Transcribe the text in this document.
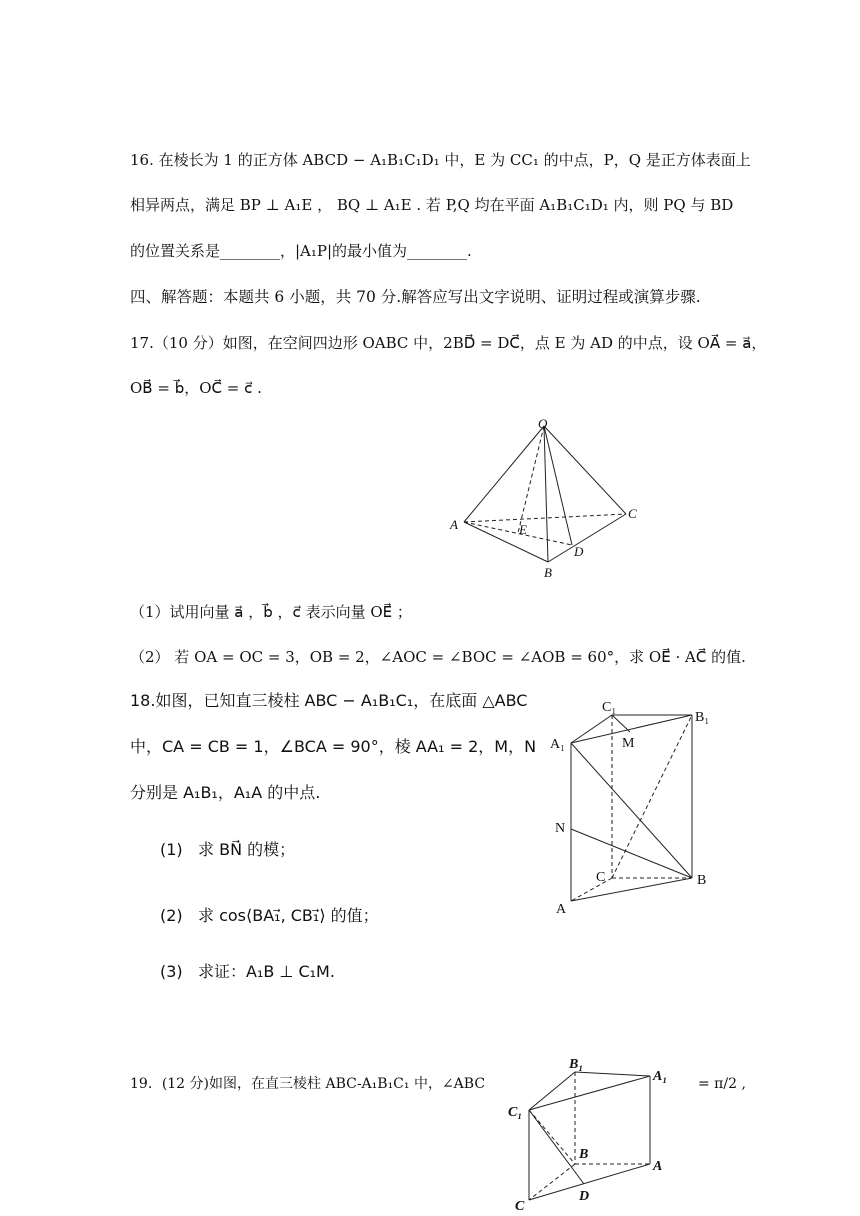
16. 在棱长为 1 的正方体 ABCD − A₁B₁C₁D₁ 中，E 为 CC₁ 的中点，P，Q 是正方体表面上
相异两点，满足 BP ⊥ A₁E ， BQ ⊥ A₁E . 若 P,Q 均在平面 A₁B₁C₁D₁ 内，则 PQ 与 BD
的位置关系是________，|A₁P|的最小值为________.
四、解答题：本题共 6 小题，共 70 分.解答应写出文字说明、证明过程或演算步骤.
17.（10 分）如图，在空间四边形 OABC 中，2BD⃗ = DC⃗，点 E 为 AD 的中点，设 OA⃗ = a⃗，
OB⃗ = b⃗，OC⃗ = c⃗ .
O
A
B
C
D
E
（1）试用向量 a⃗ ，b⃗ ，c⃗ 表示向量 OE⃗ ；
（2） 若 OA = OC = 3，OB = 2，∠AOC = ∠BOC = ∠AOB = 60°，求 OE⃗ · AC⃗ 的值.
18.如图，已知直三棱柱 ABC − A₁B₁C₁，在底面 △ABC
中，CA = CB = 1，∠BCA = 90°，棱 AA₁ = 2，M，N
分别是 A₁B₁，A₁A 的中点.
(1) 求 BN⃗ 的模；
(2) 求 cos⟨BA₁⃗, CB₁⃗⟩ 的值；
(3) 求证：A₁B ⊥ C₁M.
C₁
B₁
A₁	M
N
C	B
A
19．(12 分)如图，在直三棱柱 ABC-A₁B₁C₁ 中，∠ABC	= π/2 ,
B₁
A₁
C₁
B
A
C
D
